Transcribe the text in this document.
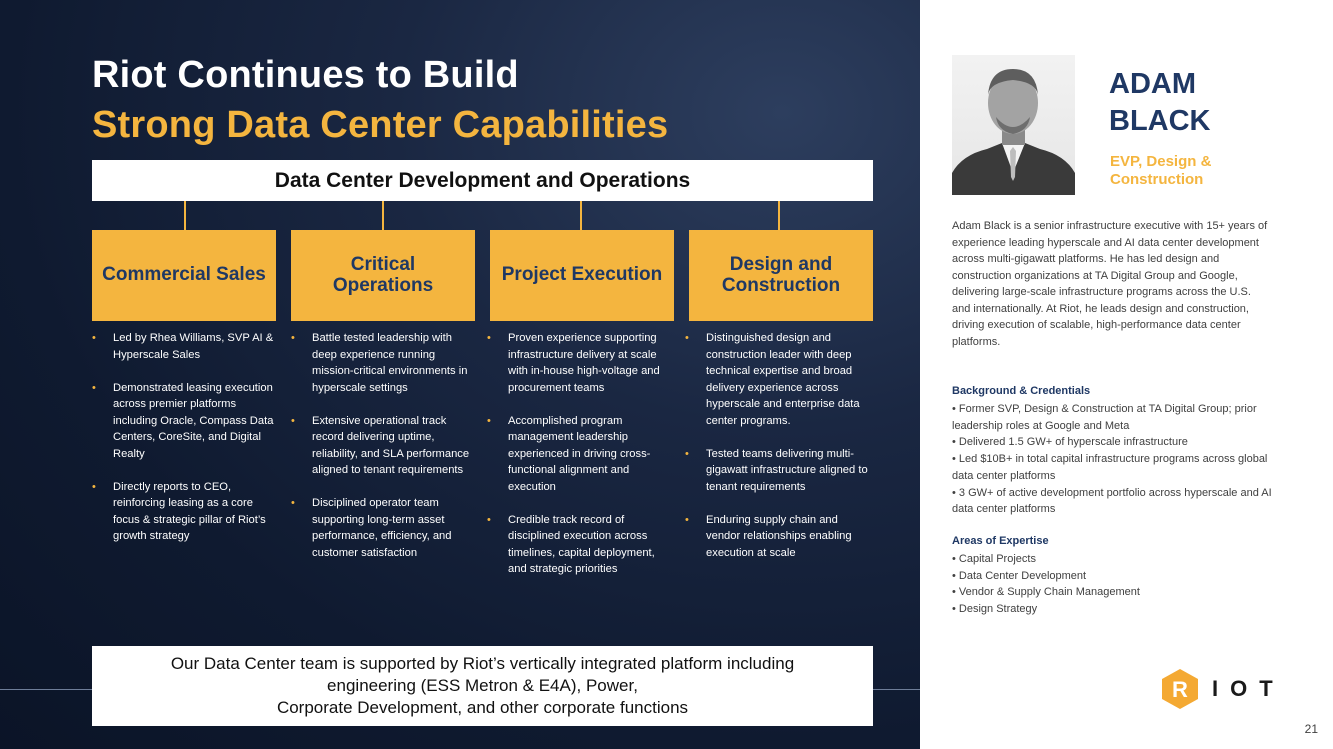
Riot Continues to Build
Strong Data Center Capabilities
Data Center Development and Operations
Commercial Sales
• Led by Rhea Williams, SVP AI & Hyperscale Sales
• Demonstrated leasing execution across premier platforms including Oracle, Compass Data Centers, CoreSite, and Digital Realty
• Directly reports to CEO, reinforcing leasing as a core focus & strategic pillar of Riot’s growth strategy
Critical Operations
• Battle tested leadership with deep experience running mission-critical environments in hyperscale settings
• Extensive operational track record delivering uptime, reliability, and SLA performance aligned to tenant requirements
• Disciplined operator team supporting long-term asset performance, efficiency, and customer satisfaction
Project Execution
• Proven experience supporting infrastructure delivery at scale with in-house high-voltage and procurement teams
• Accomplished program management leadership experienced in driving cross-functional alignment and execution
• Credible track record of disciplined execution across timelines, capital deployment, and strategic priorities
Design and Construction
• Distinguished design and construction leader with deep technical expertise and broad delivery experience across hyperscale and enterprise data center programs.
• Tested teams delivering multi-gigawatt infrastructure aligned to tenant requirements
• Enduring supply chain and vendor relationships enabling execution at scale
Our Data Center team is supported by Riot’s vertically integrated platform including
engineering (ESS Metron & E4A), Power,
Corporate Development, and other corporate functions
ADAM
BLACK
EVP, Design &
Construction

Adam Black is a senior infrastructure executive with 15+ years of experience leading hyperscale and AI data center development across multi-gigawatt platforms. He has led design and construction organizations at TA Digital Group and Google, delivering large-scale infrastructure programs across the U.S. and internationally. At Riot, he leads design and construction, driving execution of scalable, high-performance data center platforms.

Background & Credentials
• Former SVP, Design & Construction at TA Digital Group; prior leadership roles at Google and Meta
• Delivered 1.5 GW+ of hyperscale infrastructure
• Led $10B+ in total capital infrastructure programs across global data center platforms
• 3 GW+ of active development portfolio across hyperscale and AI data center platforms
Areas of Expertise
• Capital Projects
• Data Center Development
• Vendor & Supply Chain Management
• Design Strategy
R IOT
21
